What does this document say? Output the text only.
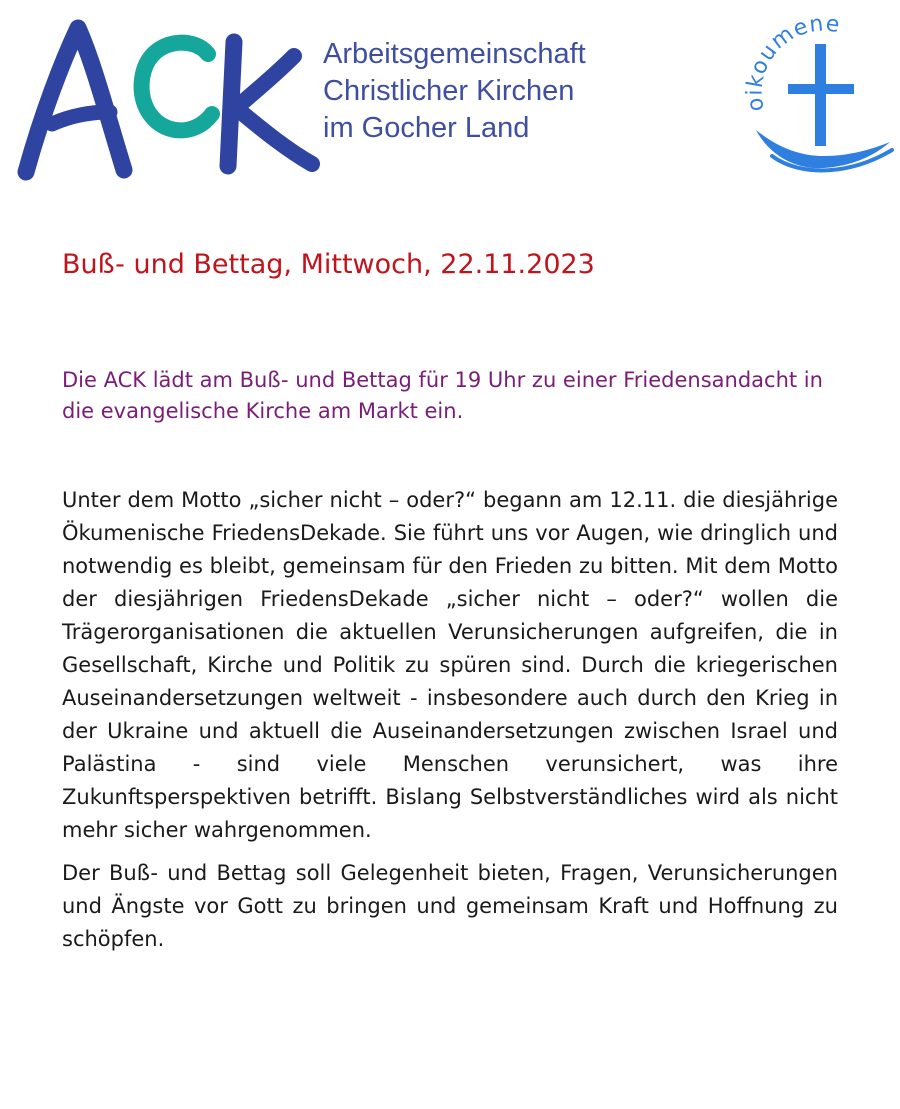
Arbeitsgemeinschaft
Christlicher Kirchen
im Gocher Land
oikoumene
Buß- und Bettag, Mittwoch, 22.11.2023

Die ACK lädt am Buß- und Bettag für 19 Uhr zu einer Friedensandacht in die evangelische Kirche am Markt ein.

Unter dem Motto „sicher nicht – oder?“ begann am 12.11. die diesjährige Ökumenische FriedensDekade. Sie führt uns vor Augen, wie dringlich und notwendig es bleibt, gemeinsam für den Frieden zu bitten. Mit dem Motto der diesjährigen FriedensDekade „sicher nicht – oder?“ wollen die Trägerorganisationen die aktuellen Verunsicherungen aufgreifen, die in Gesellschaft, Kirche und Politik zu spüren sind. Durch die kriegerischen Auseinandersetzungen weltweit - insbesondere auch durch den Krieg in der Ukraine und aktuell die Auseinandersetzungen zwischen Israel und Palästina - sind viele Menschen verunsichert, was ihre Zukunftsperspektiven betrifft. Bislang Selbstverständliches wird als nicht mehr sicher wahrgenommen.

Der Buß- und Bettag soll Gelegenheit bieten, Fragen, Verunsicherungen und Ängste vor Gott zu bringen und gemeinsam Kraft und Hoffnung zu schöpfen.
